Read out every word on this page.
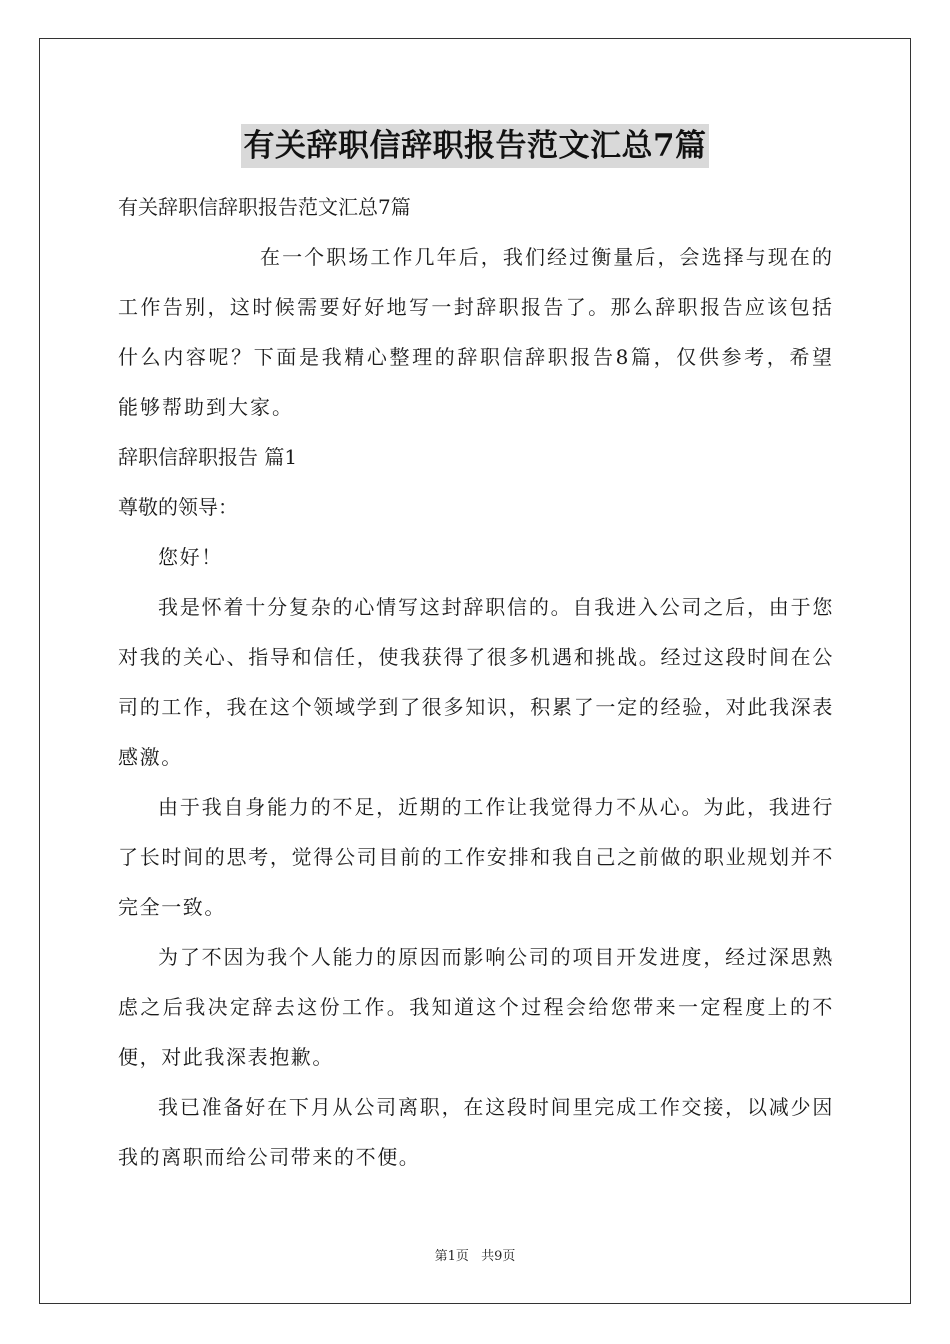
有关辞职信辞职报告范文汇总7篇

有关辞职信辞职报告范文汇总7篇

在一个职场工作几年后，我们经过衡量后，会选择与现在的工作告别，这时候需要好好地写一封辞职报告了。那么辞职报告应该包括什么内容呢？下面是我精心整理的辞职信辞职报告8篇，仅供参考，希望能够帮助到大家。

辞职信辞职报告 篇1

尊敬的领导：

您好！

我是怀着十分复杂的心情写这封辞职信的。自我进入公司之后，由于您对我的关心、指导和信任，使我获得了很多机遇和挑战。经过这段时间在公司的工作，我在这个领域学到了很多知识，积累了一定的经验，对此我深表感激。

由于我自身能力的不足，近期的工作让我觉得力不从心。为此，我进行了长时间的思考，觉得公司目前的工作安排和我自己之前做的职业规划并不完全一致。

为了不因为我个人能力的原因而影响公司的项目开发进度，经过深思熟虑之后我决定辞去这份工作。我知道这个过程会给您带来一定程度上的不便，对此我深表抱歉。

我已准备好在下月从公司离职，在这段时间里完成工作交接，以减少因我的离职而给公司带来的不便。

第1页 共9页
